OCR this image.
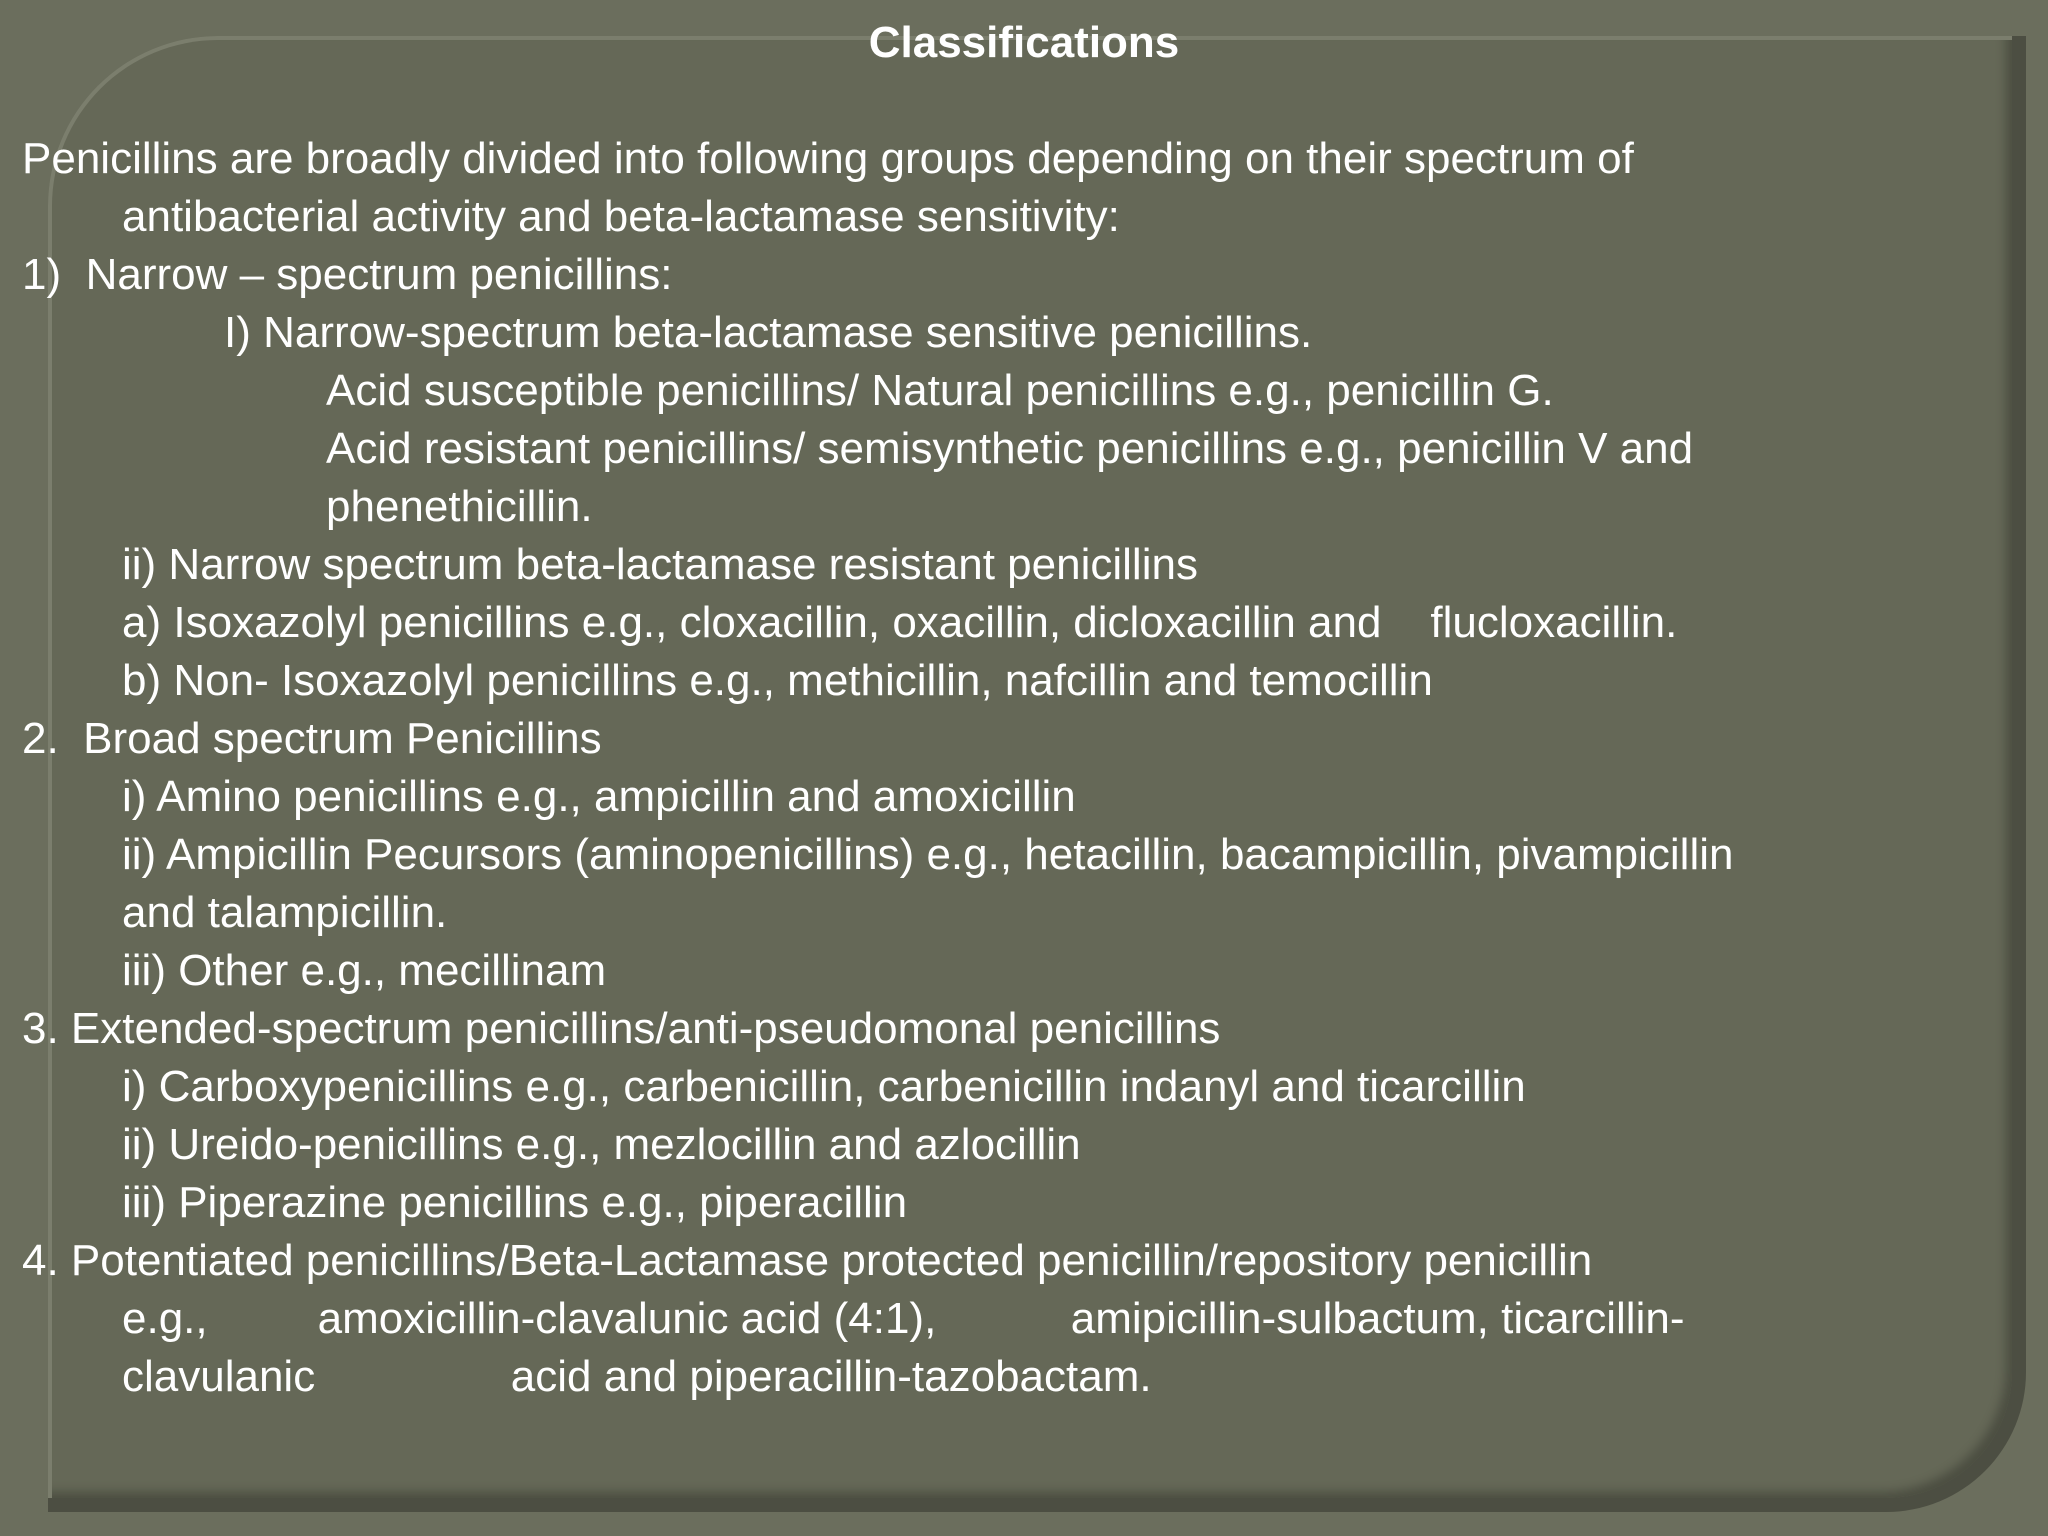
Classifications
Penicillins are broadly divided into following groups depending on their spectrum of
antibacterial activity and beta-lactamase sensitivity:
1)  Narrow – spectrum penicillins:
I) Narrow-spectrum beta-lactamase sensitive penicillins.
Acid susceptible penicillins/ Natural penicillins e.g., penicillin G.
Acid resistant penicillins/ semisynthetic penicillins e.g., penicillin V and
phenethicillin.
ii) Narrow spectrum beta-lactamase resistant penicillins
a) Isoxazolyl penicillins e.g., cloxacillin, oxacillin, dicloxacillin and    flucloxacillin.
b) Non- Isoxazolyl penicillins e.g., methicillin, nafcillin and temocillin
2.  Broad spectrum Penicillins
i) Amino penicillins e.g., ampicillin and amoxicillin
ii) Ampicillin Pecursors (aminopenicillins) e.g., hetacillin, bacampicillin, pivampicillin
and talampicillin.
iii) Other e.g., mecillinam
3. Extended-spectrum penicillins/anti-pseudomonal penicillins
i) Carboxypenicillins e.g., carbenicillin, carbenicillin indanyl and ticarcillin
ii) Ureido-penicillins e.g., mezlocillin and azlocillin
iii) Piperazine penicillins e.g., piperacillin
4. Potentiated penicillins/Beta-Lactamase protected penicillin/repository penicillin
e.g.,         amoxicillin-clavalunic acid (4:1),           amipicillin-sulbactum, ticarcillin-
clavulanic                acid and piperacillin-tazobactam.
